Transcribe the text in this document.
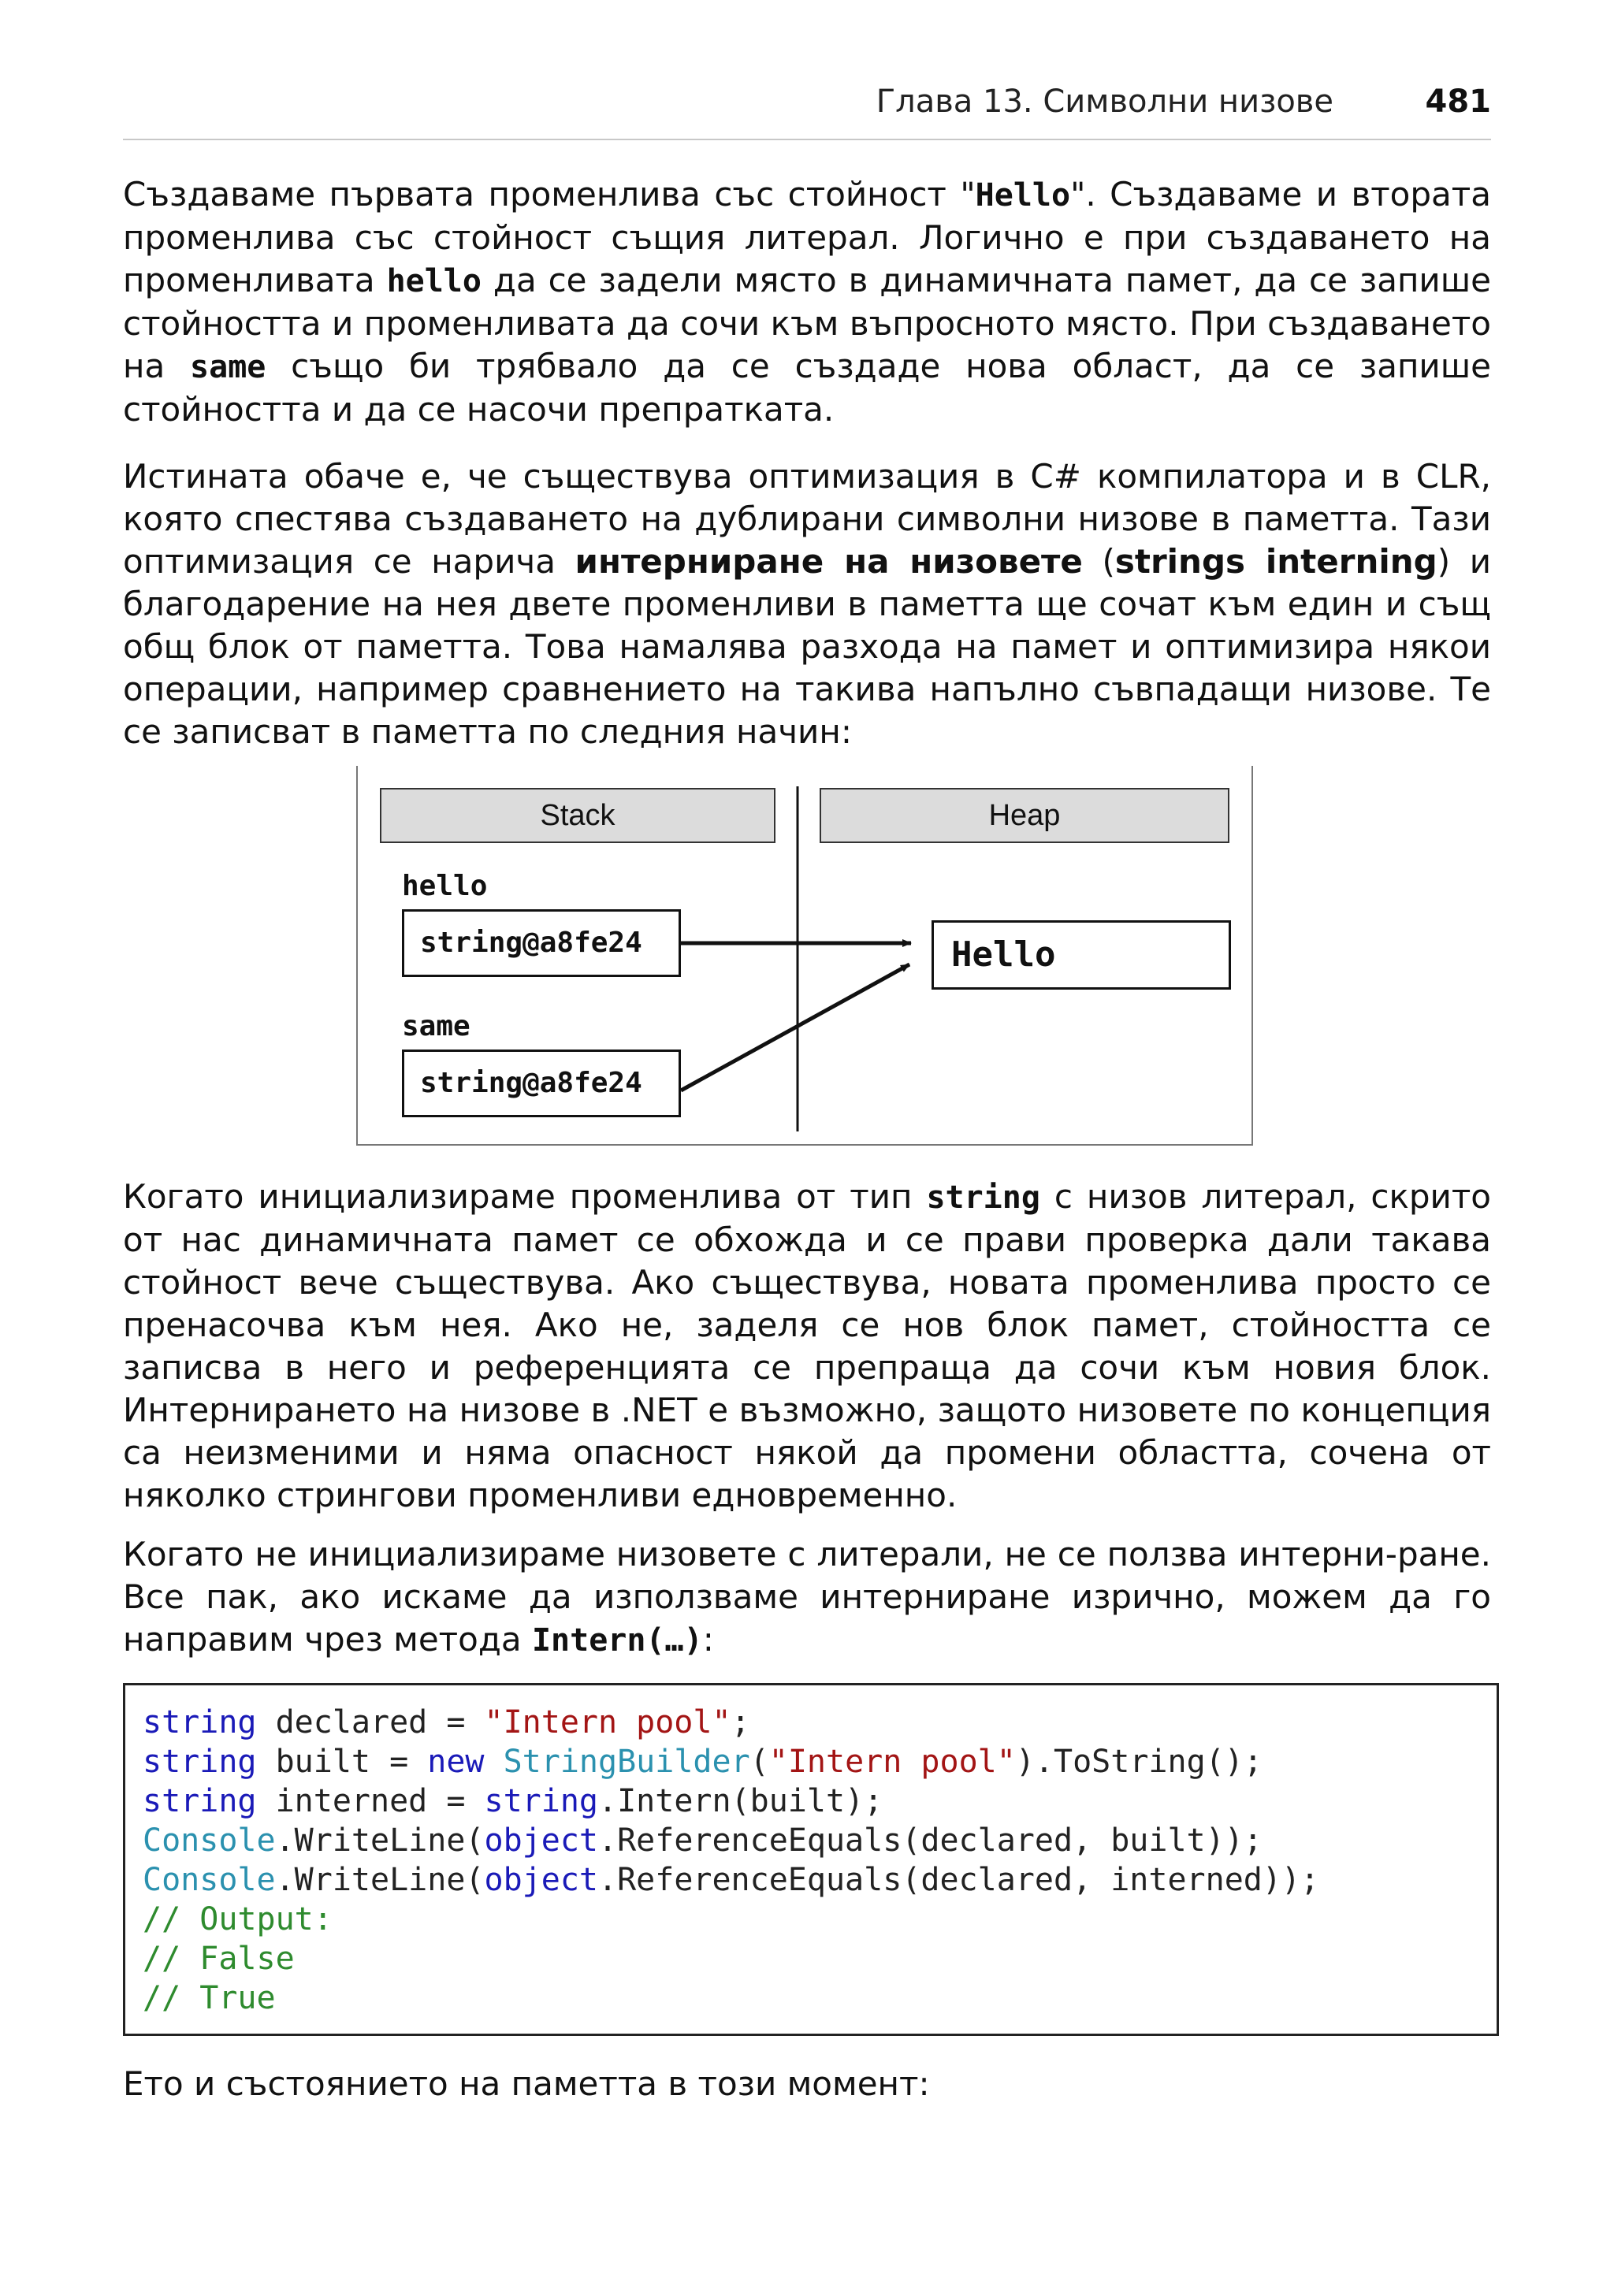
Глава 13. Символни низове	481

Създаваме първата променлива със стойност "Hello". Създаваме и втората променлива със стойност същия литерал. Логично е при създаването на променливата hello да се задели място в динамичната памет, да се запише стойността и променливата да сочи към въпросното място. При създаването на same също би трябвало да се създаде нова област, да се запише стойността и да се насочи препратката.

Истината обаче е, че съществува оптимизация в C# компилатора и в CLR, която спестява създаването на дублирани символни низове в паметта. Тази оптимизация се нарича интерниране на низовете (strings interning) и благодарение на нея двете променливи в паметта ще сочат към един и същ общ блок от паметта. Това намалява разхода на памет и оптимизира някои операции, например сравнението на такива напълно съвпадащи низове. Те се записват в паметта по следния начин:

Stack	Heap
hello
string@a8fe24
same
string@a8fe24
Hello

Когато инициализираме променлива от тип string с низов литерал, скрито от нас динамичната памет се обхожда и се прави проверка дали такава стойност вече съществува. Ако съществува, новата променлива просто се пренасочва към нея. Ако не, заделя се нов блок памет, стойността се записва в него и референцията се препраща да сочи към новия блок. Интернирането на низове в .NET е възможно, защото низовете по концепция са неизменими и няма опасност някой да промени областта, сочена от няколко стрингови променливи едновременно.

Когато не инициализираме низовете с литерали, не се ползва интерни-ране. Все пак, ако искаме да използваме интерниране изрично, можем да го направим чрез метода Intern(…):

string declared = "Intern pool";
string built = new StringBuilder("Intern pool").ToString();
string interned = string.Intern(built);
Console.WriteLine(object.ReferenceEquals(declared, built));
Console.WriteLine(object.ReferenceEquals(declared, interned));
// Output:
// False
// True

Ето и състоянието на паметта в този момент:
